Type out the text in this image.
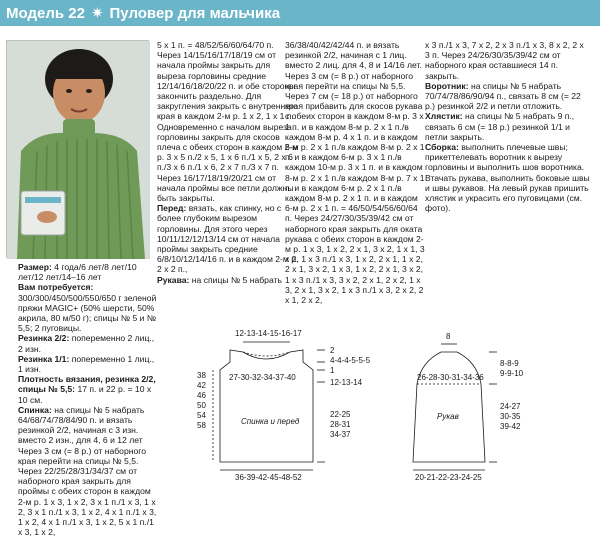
Модель 22 ✷ Пуловер для мальчика

Размер: 4 года/6 лет/8 лет/10 лет/12 лет/14–16 лет

Вам потребуется: 300/300/450/500/550/650 г зеленой пряжи MAGIC+ (50% шерсти, 50% акрила, 80 м/50 г); спицы № 5 и № 5,5; 2 пуговицы.

Резинка 2/2: попеременно 2 лиц., 2 изн.

Резинка 1/1: попеременно 1 лиц., 1 изн.

Плотность вязания, резинка 2/2, спицы № 5,5: 17 п. и 22 р. = 10 х 10 см.

Спинка: на спицы № 5 набрать 64/68/74/78/84/90 п. и вязать резинкой 2/2, начиная с 3 изн. вместо 2 изн., для 4, 6 и 12 лет Через 3 см (= 8 р.) от наборного края перейти на спицы № 5,5. Через 22/25/28/31/34/37 см от наборного края закрыть для проймы с обеих сторон в каждом 2-м р. 1 х 3, 1 х 2, 3 х 1 п./1 х 3, 1 х 2, 3 х 1 п./1 х 3, 1 х 2, 4 х 1 п./1 х 3, 1 х 2, 4 х 1 п./1 х 3, 1 х 2, 5 х 1 п./1 х 3, 1 х 2,

5 х 1 п. = 48/52/56/60/64/70 п. Через 14/15/16/17/18/19 см от начала проймы закрыть для выреза горловины средние 12/14/16/18/20/22 п. и обе стороны закончить раздельно. Для закругления закрыть с внутреннего края в каждом 2-м р. 1 х 2, 1 х 1 п. Одновременно с началом выреза горловины закрыть для скосов плеча с обеих сторон в каждом 2-м р. 3 х 5 п./2 х 5, 1 х 6 п./1 х 5, 2 х 6 п./3 х 6 п./1 х 6, 2 х 7 п./3 х 7 п. Через 16/17/18/19/20/21 см от начала проймы все петли должны быть закрыты.

Перед: вязать, как спинку, но с более глубоким вырезом горловины. Для этого через 10/11/12/12/13/14 см от начала проймы закрыть средние 6/8/10/12/14/16 п. и в каждом 2-м р. 2 х 2 п.,

Рукава: на спицы № 5 набрать

36/38/40/42/42/44 п. и вязать резинкой 2/2, начиная с 1 лиц. вместо 2 лиц. для 4, 8 и 14/16 лет. Через 3 см (= 8 р.) от наборного края перейти на спицы № 5,5. Через 7 см (= 18 р.) от наборного края прибавить для скосов рукава с обеих сторон в каждом 8-м р. 3 х 1 п. и в каждом 8-м р. 2 х 1 п./в каждом 8-м р. 4 х 1 п. и в каждом 6-м р. 2 х 1 п./в каждом 8-м р. 2 х 1 п. и в каждом 6-м р. 3 х 1 п./в каждом 10-м р. 3 х 1 п. и в каждом 8-м р. 2 х 1 п./в каждом 8-м р. 7 х 1 п. и в каждом 6-м р. 2 х 1 п./в каждом 8-м р. 2 х 1 п. и в каждом 6-м р. 2 х 1 п. = 46/50/54/56/60/64 п. Через 24/27/30/35/39/42 см от наборного края закрыть для оката рукава с обеих сторон в каждом 2-м р. 1 х 3, 1 х 2, 2 х 1, 3 х 2, 1 х 1, 3 х 2, 1 х 3 п./1 х 3, 1 х 2, 2 х 1, 1 х 2, 2 х 1, 3 х 2, 1 х 3, 1 х 2, 2 х 1, 3 х 2, 1 х 3 п./1 х 3, 3 х 2, 2 х 1, 2 х 2, 1 х 3, 2 х 1, 3 х 2, 1 х 3 п./1 х 3, 2 х 2, 2 х 1, 2 х 2,

х 3 п./1 х 3, 7 х 2, 2 х 3 п./1 х 3, 8 х 2, 2 х 3 п. Через 24/26/30/35/39/42 см от наборного края оставшиеся 14 п. закрыть.

Воротник: на спицы № 5 набрать 70/74/78/86/90/94 п., связать 8 см (= 22 р.) резинкой 2/2 и петли отложить.

Хлястик: на спицы № 5 набрать 9 п., связать 6 см (= 18 р.) резинкой 1/1 и петли закрыть.

Сборка: выполнить плечевые швы; прикеттелевать воротник к вырезу горловины и выполнить шов воротника. Втачать рукава, выполнить боковые швы и швы рукавов. На левый рукав пришить хлястик и украсить его пуговицами (см. фото).

12-13-14-15-16-17
2
4-4-4-5-5-5
1
12-13-14
22-25
28-31
34-37
38
42
46
50
54
58
27-30-32-34-37-40
Спинка и перед
36-39-42-45-48-52
8
8-8-9
9-9-10
26-28-30-31-34-36
Рукав
24-27
30-35
39-42
20-21-22-23-24-25
